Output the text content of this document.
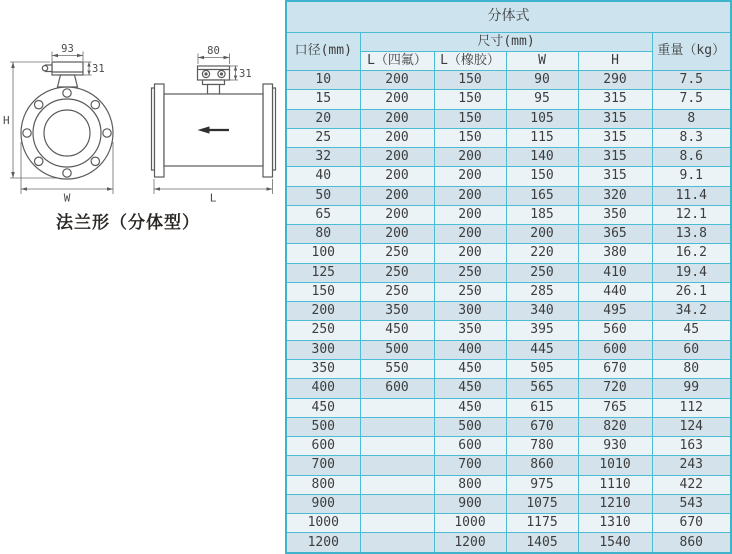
H
93
31
W
80
31
L
法兰形（分体型）
分体式					
口径(mm)	尺寸(mm)				重量（kg）
	L（四氟）	L（橡胶）	W	H	
10	200	150	90	290	7.5
15	200	150	95	315	7.5
20	200	150	105	315	8
25	200	150	115	315	8.3
32	200	200	140	315	8.6
40	200	200	150	315	9.1
50	200	200	165	320	11.4
65	200	200	185	350	12.1
80	200	200	200	365	13.8
100	250	200	220	380	16.2
125	250	250	250	410	19.4
150	250	250	285	440	26.1
200	350	300	340	495	34.2
250	450	350	395	560	45
300	500	400	445	600	60
350	550	450	505	670	80
400	600	450	565	720	99
450		450	615	765	112
500		500	670	820	124
600		600	780	930	163
700		700	860	1010	243
800		800	975	1110	422
900		900	1075	1210	543
1000		1000	1175	1310	670
1200		1200	1405	1540	860
